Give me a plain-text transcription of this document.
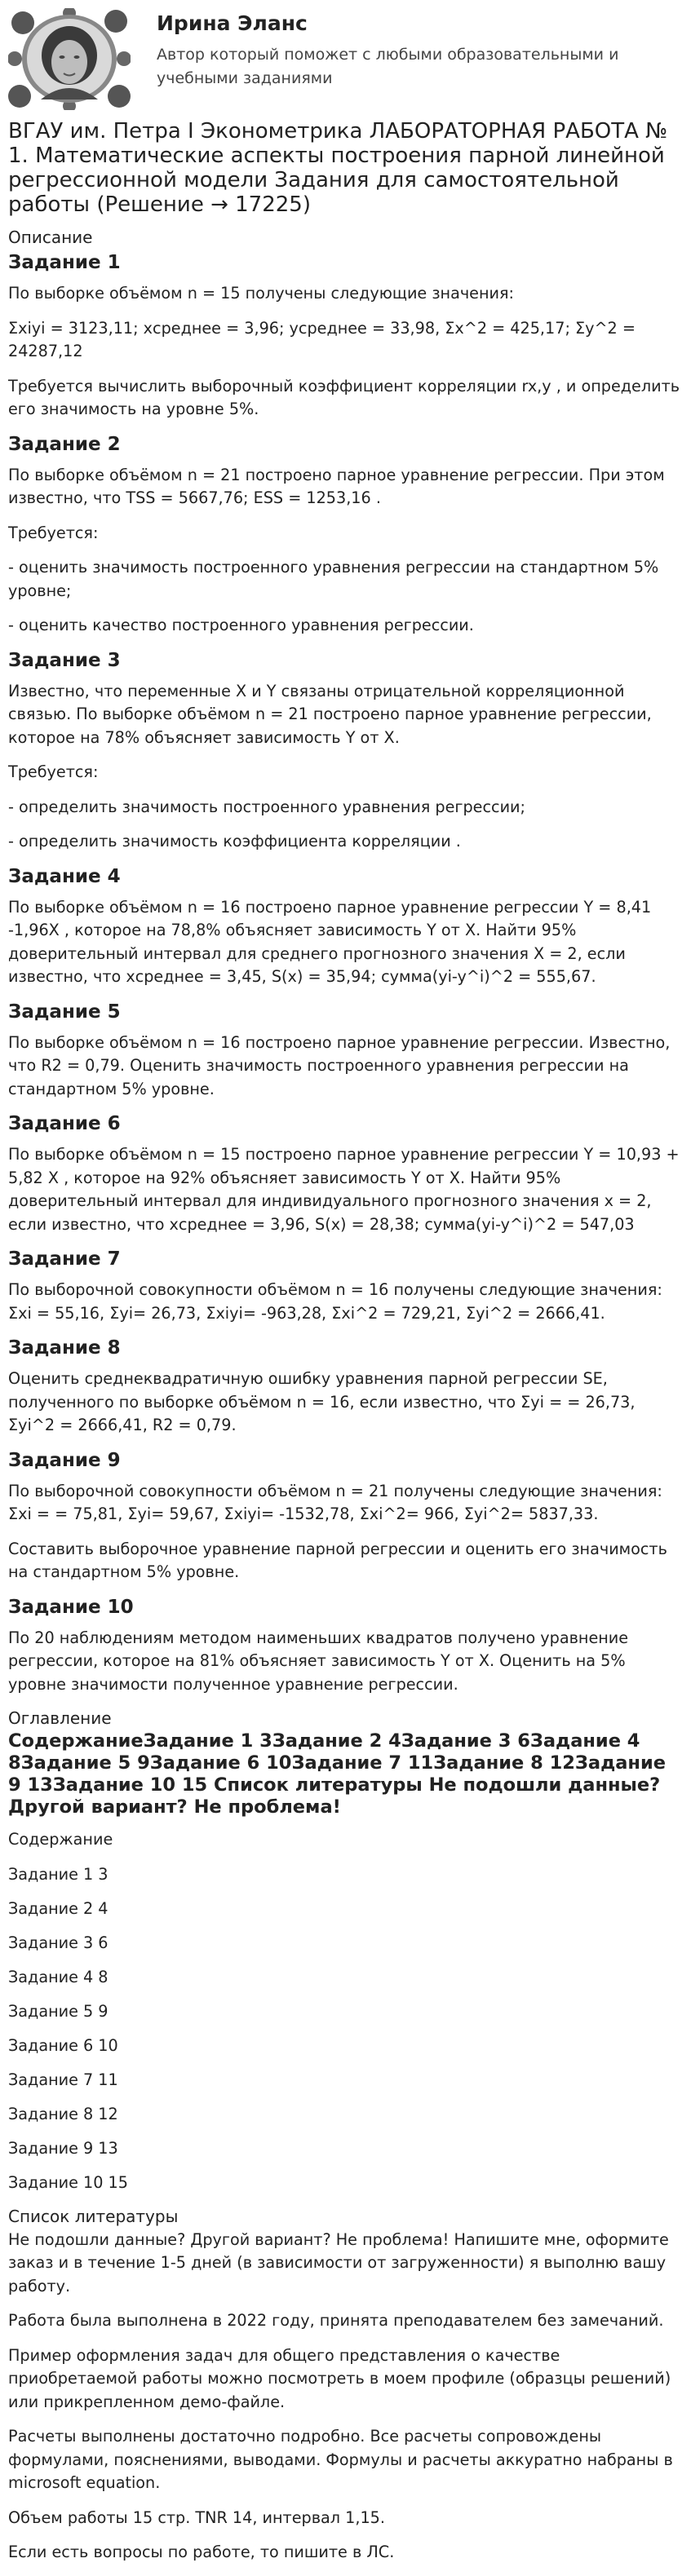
Ирина Эланс
Автор который поможет с любыми образовательными и учебными заданиями
ВГАУ им. Петра I Эконометрика ЛАБОРАТОРНАЯ РАБОТА № 1. Математические аспекты построения парной линейной регрессионной модели Задания для самостоятельной работы (Решение → 17225)
Описание
Задание 1

По выборке объёмом n = 15 получены следующие значения:

Σxiyi = 3123,11; xсреднее = 3,96; yсреднее = 33,98, Σx^2 = 425,17; Σy^2 = 24287,12

Требуется вычислить выборочный коэффициент корреляции rx,y , и определить его значимость на уровне 5%.

Задание 2

По выборке объёмом n = 21 построено парное уравнение регрессии. При этом известно, что TSS = 5667,76; ESS = 1253,16 .

Требуется:

- оценить значимость построенного уравнения регрессии на стандартном 5% уровне;

- оценить качество построенного уравнения регрессии.

Задание 3

Известно, что переменные X и Y связаны отрицательной корреляционной связью. По выборке объёмом n = 21 построено парное уравнение регрессии, которое на 78% объясняет зависимость Y от X.

Требуется:

- определить значимость построенного уравнения регрессии;

- определить значимость коэффициента корреляции .

Задание 4

По выборке объёмом n = 16 построено парное уравнение регрессии Y = 8,41 -1,96X , которое на 78,8% объясняет зависимость Y от X. Найти 95% доверительный интервал для среднего прогнозного значения X = 2, если известно, что xсреднее = 3,45, S(x) = 35,94; сумма(yi-y^i)^2 = 555,67.

Задание 5

По выборке объёмом n = 16 построено парное уравнение регрессии. Известно, что R2 = 0,79. Оценить значимость построенного уравнения регрессии на стандартном 5% уровне.

Задание 6

По выборке объёмом n = 15 построено парное уравнение регрессии Y = 10,93 + 5,82 X , которое на 92% объясняет зависимость Y от X. Найти 95% доверительный интервал для индивидуального прогнозного значения x = 2, если известно, что xсреднее = 3,96, S(x) = 28,38; сумма(yi-y^i)^2 = 547,03

Задание 7

По выборочной совокупности объёмом n = 16 получены следующие значения: Σxi = 55,16, Σyi= 26,73, Σxiyi= -963,28, Σxi^2 = 729,21, Σyi^2 = 2666,41.

Задание 8

Оценить среднеквадратичную ошибку уравнения парной регрессии SE, полученного по выборке объёмом n = 16, если известно, что Σyi = = 26,73, Σyi^2 = 2666,41, R2 = 0,79.

Задание 9

По выборочной совокупности объёмом n = 21 получены следующие значения: Σxi = = 75,81, Σyi= 59,67, Σxiyi= -1532,78, Σxi^2= 966, Σyi^2= 5837,33.

Составить выборочное уравнение парной регрессии и оценить его значимость на стандартном 5% уровне.

Задание 10

По 20 наблюдениям методом наименьших квадратов получено уравнение регрессии, которое на 81% объясняет зависимость Y от X. Оценить на 5% уровне значимости полученное уравнение регрессии.

Оглавление
СодержаниеЗадание 1 3Задание 2 4Задание 3 6Задание 4 8Задание 5 9Задание 6 10Задание 7 11Задание 8 12Задание 9 13Задание 10 15 Список литературы Не подошли данные? Другой вариант? Не проблема!

Содержание

Задание 1 3
Задание 2 4
Задание 3 6
Задание 4 8
Задание 5 9
Задание 6 10
Задание 7 11
Задание 8 12
Задание 9 13
Задание 10 15
Список литературы

Не подошли данные? Другой вариант? Не проблема! Напишите мне, оформите заказ и в течение 1-5 дней (в зависимости от загруженности) я выполню вашу работу.

Работа была выполнена в 2022 году, принята преподавателем без замечаний.

Пример оформления задач для общего представления о качестве приобретаемой работы можно посмотреть в моем профиле (образцы решений) или прикрепленном демо-файле.

Расчеты выполнены достаточно подробно. Все расчеты сопровождены формулами, пояснениями, выводами. Формулы и расчеты аккуратно набраны в microsoft equation.

Объем работы 15 стр. TNR 14, интервал 1,15.

Если есть вопросы по работе, то пишите в ЛС.
